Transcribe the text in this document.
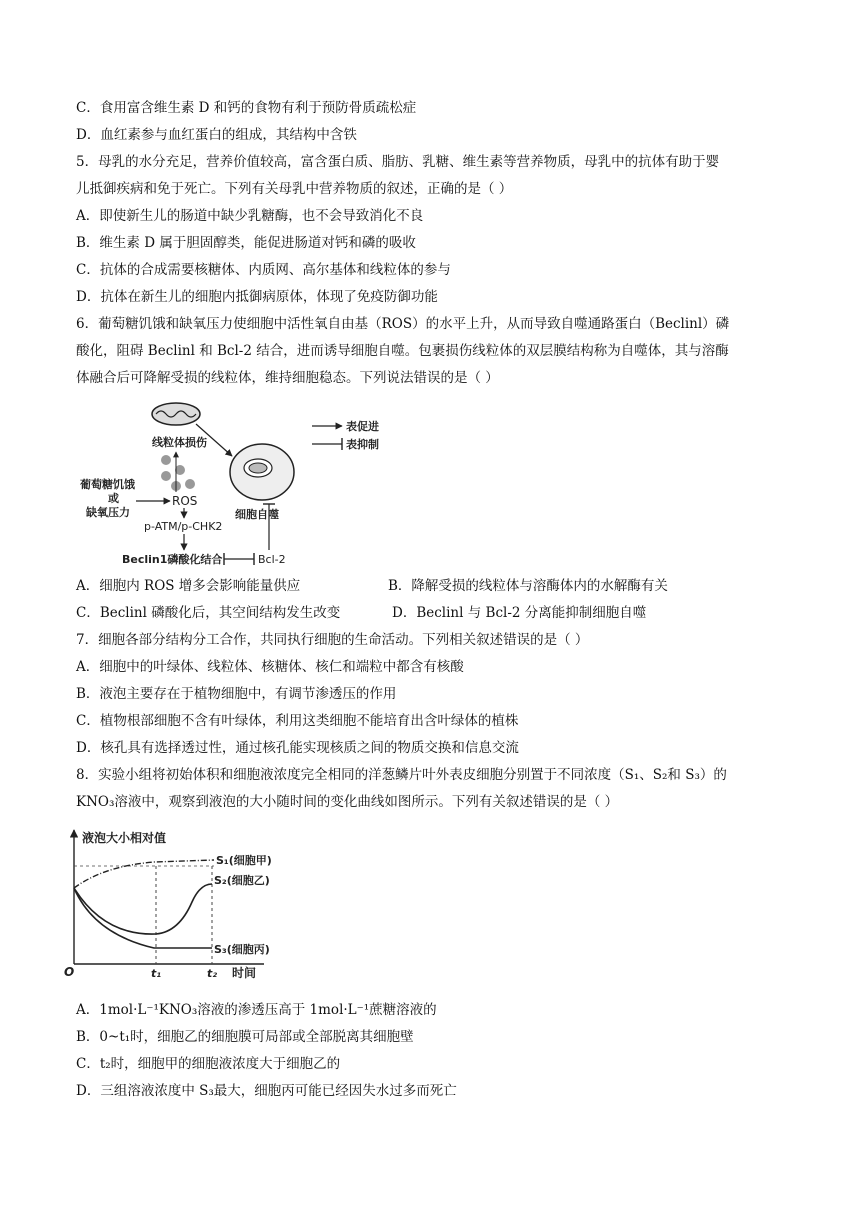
C．食用富含维生素 D 和钙的食物有利于预防骨质疏松症
D．血红素参与血红蛋白的组成，其结构中含铁
5．母乳的水分充足，营养价值较高，富含蛋白质、脂肪、乳糖、维生素等营养物质，母乳中的抗体有助于婴
儿抵御疾病和免于死亡。下列有关母乳中营养物质的叙述，正确的是（ ）
A．即使新生儿的肠道中缺少乳糖酶，也不会导致消化不良
B．维生素 D 属于胆固醇类，能促进肠道对钙和磷的吸收
C．抗体的合成需要核糖体、内质网、高尔基体和线粒体的参与
D．抗体在新生儿的细胞内抵御病原体，体现了免疫防御功能
6．葡萄糖饥饿和缺氧压力使细胞中活性氧自由基（ROS）的水平上升，从而导致自噬通路蛋白（Beclinl）磷
酸化，阻碍 Beclinl 和 Bcl-2 结合，进而诱导细胞自噬。包裹损伤线粒体的双层膜结构称为自噬体，其与溶酶
体融合后可降解受损的线粒体，维持细胞稳态。下列说法错误的是（ ）
线粒体损伤
细胞自噬
葡萄糖饥饿
或
缺氧压力
ROS
p-ATM/p-CHK2
Beclin1磷酸化结合	Bcl-2
表促进
表抑制
A．细胞内 ROS 增多会影响能量供应	B．降解受损的线粒体与溶酶体内的水解酶有关
C．Beclinl 磷酸化后，其空间结构发生改变	D．Beclinl 与 Bcl-2 分离能抑制细胞自噬
7．细胞各部分结构分工合作，共同执行细胞的生命活动。下列相关叙述错误的是（ ）
A．细胞中的叶绿体、线粒体、核糖体、核仁和端粒中都含有核酸
B．液泡主要存在于植物细胞中，有调节渗透压的作用
C．植物根部细胞不含有叶绿体，利用这类细胞不能培育出含叶绿体的植株
D．核孔具有选择透过性，通过核孔能实现核质之间的物质交换和信息交流
8．实验小组将初始体积和细胞液浓度完全相同的洋葱鳞片叶外表皮细胞分别置于不同浓度（S₁、S₂和 S₃）的
KNO₃溶液中，观察到液泡的大小随时间的变化曲线如图所示。下列有关叙述错误的是（ ）
液泡大小相对值
时间
O	t₁	t₂
S₁(细胞甲)
S₂(细胞乙)
S₃(细胞丙)
A．1mol·L⁻¹KNO₃溶液的渗透压高于 1mol·L⁻¹蔗糖溶液的
B．0~t₁时，细胞乙的细胞膜可局部或全部脱离其细胞壁
C．t₂时，细胞甲的细胞液浓度大于细胞乙的
D．三组溶液浓度中 S₃最大，细胞丙可能已经因失水过多而死亡
